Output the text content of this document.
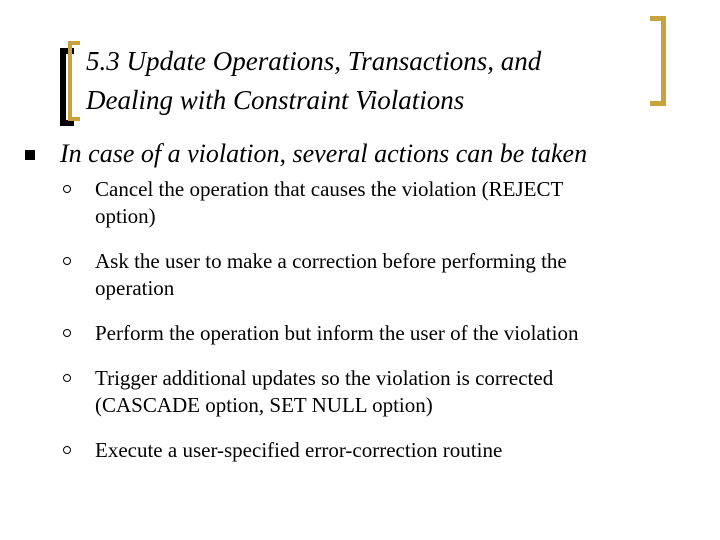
5.3 Update Operations, Transactions, and
Dealing with Constraint Violations
In case of a violation, several actions can be taken
Cancel the operation that causes the violation (REJECT
option)
Ask the user to make a correction before performing the
operation
Perform the operation but inform the user of the violation
Trigger additional updates so the violation is corrected
(CASCADE option, SET NULL option)
Execute a user-specified error-correction routine
